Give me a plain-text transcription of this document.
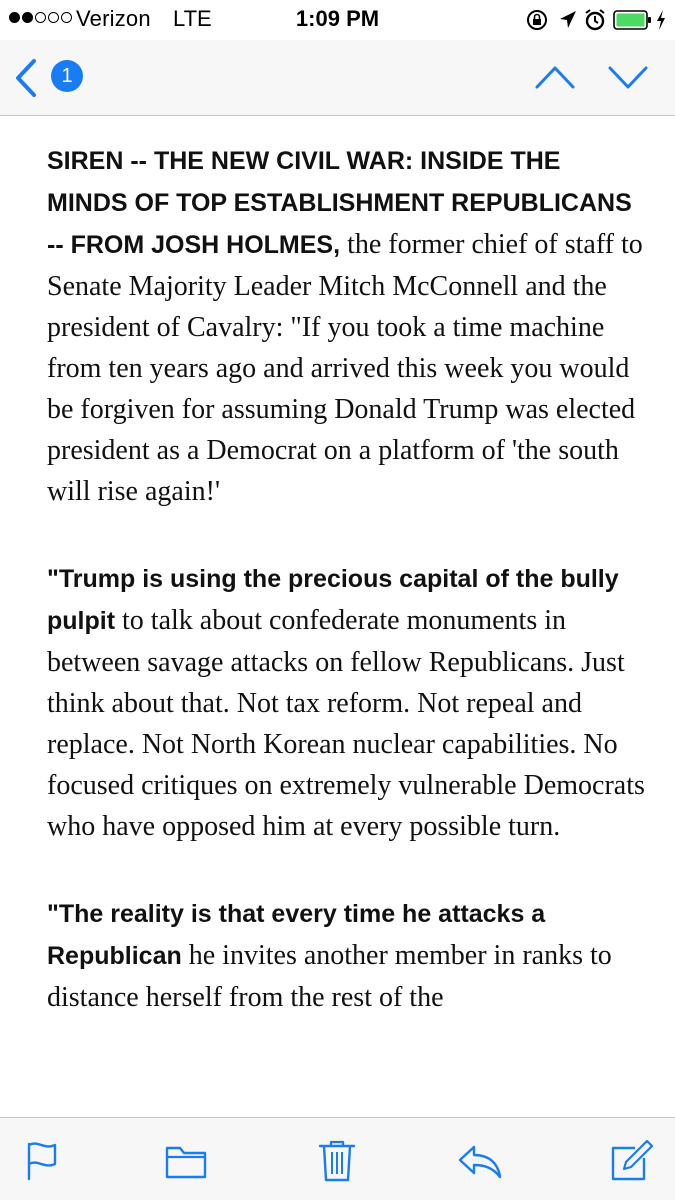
Verizon LTE	1:09 PM
1

SIREN -- THE NEW CIVIL WAR: INSIDE THE MINDS OF TOP ESTABLISHMENT REPUBLICANS -- FROM JOSH HOLMES, the former chief of staff to Senate Majority Leader Mitch McConnell and the president of Cavalry: "If you took a time machine from ten years ago and arrived this week you would be forgiven for assuming Donald Trump was elected president as a Democrat on a platform of 'the south will rise again!'

"Trump is using the precious capital of the bully pulpit to talk about confederate monuments in between savage attacks on fellow Republicans. Just think about that. Not tax reform. Not repeal and replace. Not North Korean nuclear capabilities. No focused critiques on extremely vulnerable Democrats who have opposed him at every possible turn.

"The reality is that every time he attacks a Republican he invites another member in ranks to distance herself from the rest of the
